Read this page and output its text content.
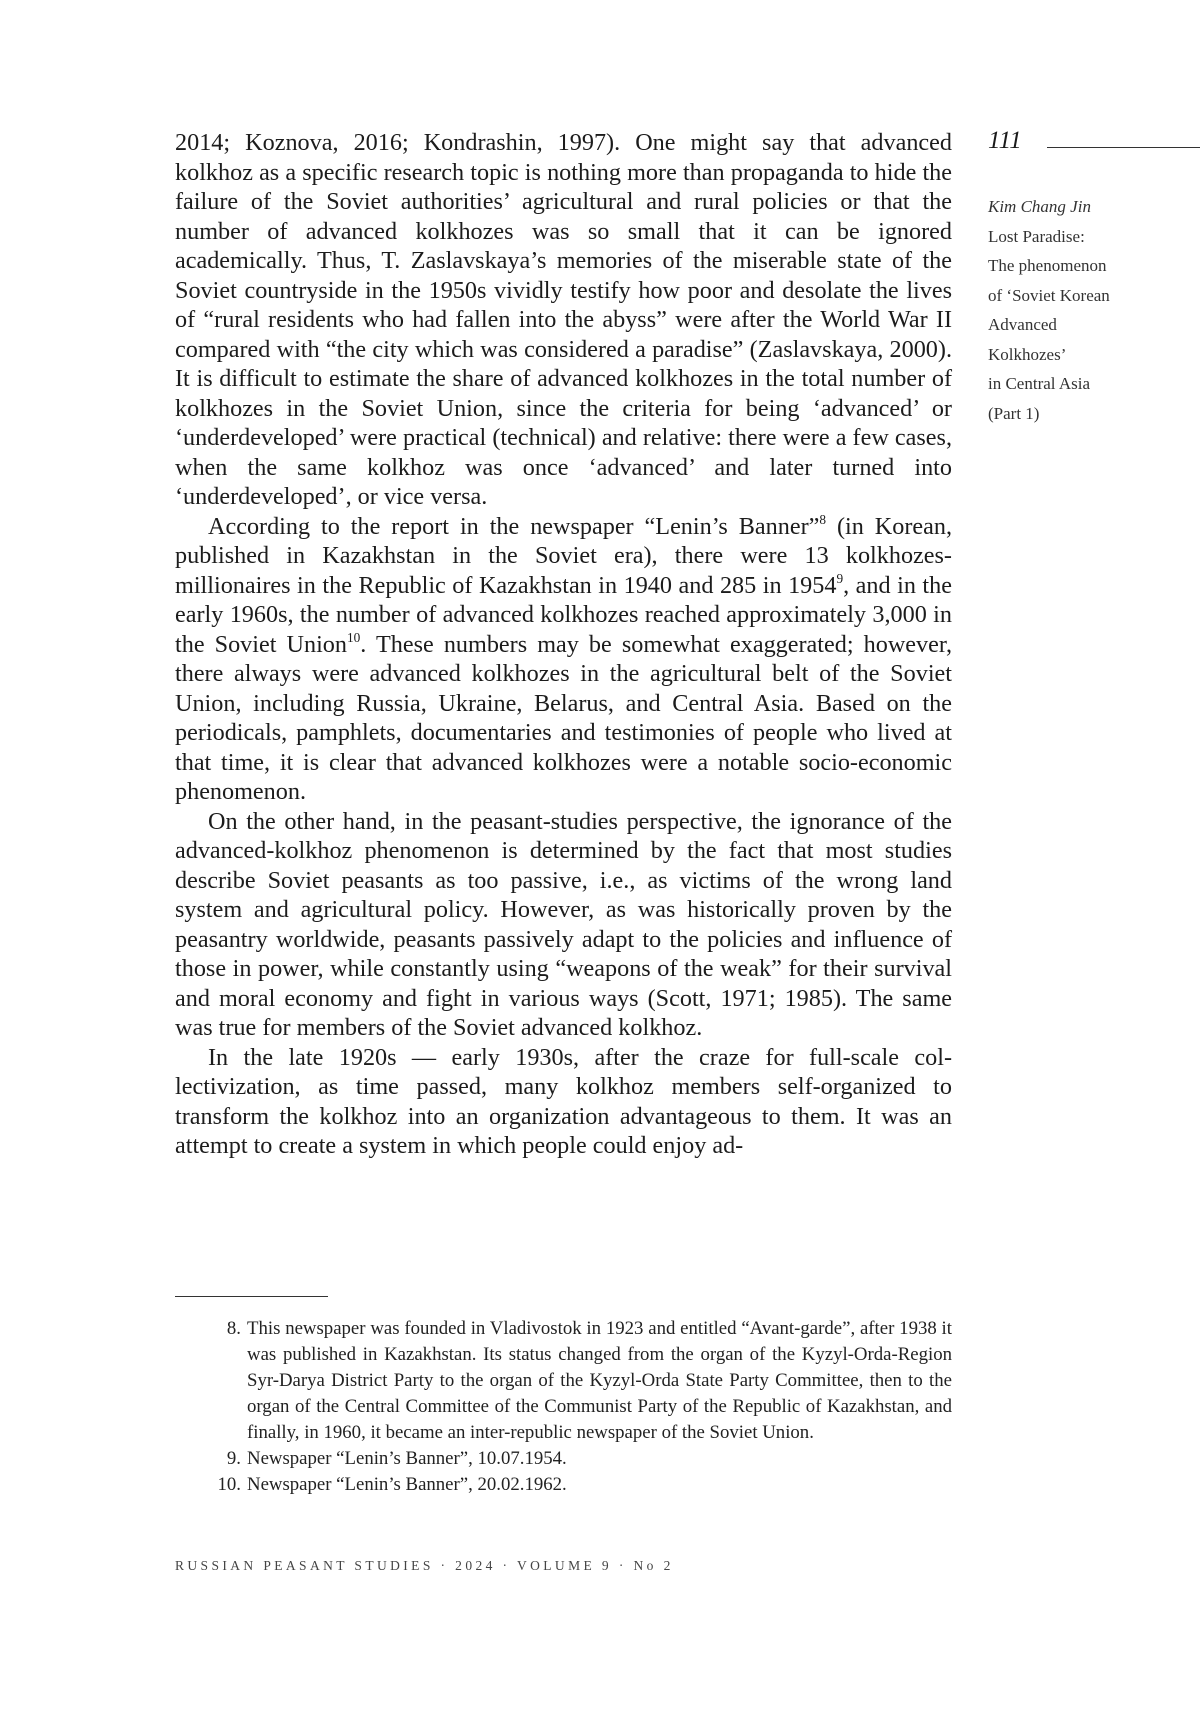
111
Kim Chang Jin
Lost Paradise:
The phenomenon
of ‘Soviet Korean
Advanced
Kolkhozes’
in Central Asia
(Part 1)

2014; Koznova, 2016; Kondrashin, 1997). One might say that advanced kolkhoz as a specific research topic is nothing more than propaganda to hide the failure of the Soviet authorities’ agricultural and rural policies or that the number of advanced kolkhozes was so small that it can be ignored academically. Thus, T. Zaslavskaya’s memories of the miserable state of the Soviet countryside in the 1950s vividly testify how poor and desolate the lives of “rural residents who had fallen into the abyss” were after the World War II compared with “the city which was considered a paradise” (Zaslavskaya, 2000). It is difficult to estimate the share of advanced kolkhozes in the total number of kolkhozes in the Soviet Union, since the criteria for being ‘advanced’ or ‘underdeveloped’ were practical (technical) and relative: there were a few cases, when the same kolkhoz was once ‘advanced’ and later turned into ‘underdeveloped’, or vice versa.

According to the report in the newspaper “Lenin’s Banner”$^8$ (in Korean, published in Kazakhstan in the Soviet era), there were 13 kolkhozes-millionaires in the Republic of Kazakhstan in 1940 and 285 in 1954$^9$, and in the early 1960s, the number of advanced kolkhozes reached approximately 3,000 in the Soviet Union$^{10}$. These numbers may be somewhat exaggerated; however, there always were advanced kolkhozes in the agricultural belt of the Soviet Union, including Russia, Ukraine, Belarus, and Central Asia. Based on the periodicals, pamphlets, documentaries and testimonies of people who lived at that time, it is clear that advanced kolkhozes were a notable socio-economic phenomenon.

On the other hand, in the peasant-studies perspective, the ignorance of the advanced-kolkhoz phenomenon is determined by the fact that most studies describe Soviet peasants as too passive, i.e., as victims of the wrong land system and agricultural policy. However, as was historically proven by the peasantry worldwide, peasants passively adapt to the policies and influence of those in power, while constantly using “weapons of the weak” for their survival and moral economy and fight in various ways (Scott, 1971; 1985). The same was true for members of the Soviet advanced kolkhoz.

In the late 1920s — early 1930s, after the craze for full-scale collectivization, as time passed, many kolkhoz members self-organized to transform the kolkhoz into an organization advantageous to them. It was an attempt to create a system in which people could enjoy ad-

8. This newspaper was founded in Vladivostok in 1923 and entitled “Avant-garde”, after 1938 it was published in Kazakhstan. Its status changed from the organ of the Kyzyl-Orda-Region Syr-Darya District Party to the organ of the Kyzyl-Orda State Party Committee, then to the organ of the Central Committee of the Communist Party of the Republic of Kazakhstan, and finally, in 1960, it became an inter-republic newspaper of the Soviet Union.
9. Newspaper “Lenin’s Banner”, 10.07.1954.
10. Newspaper “Lenin’s Banner”, 20.02.1962.
RUSSIAN PEASANT STUDIES · 2024 · VOLUME 9 · No 2
